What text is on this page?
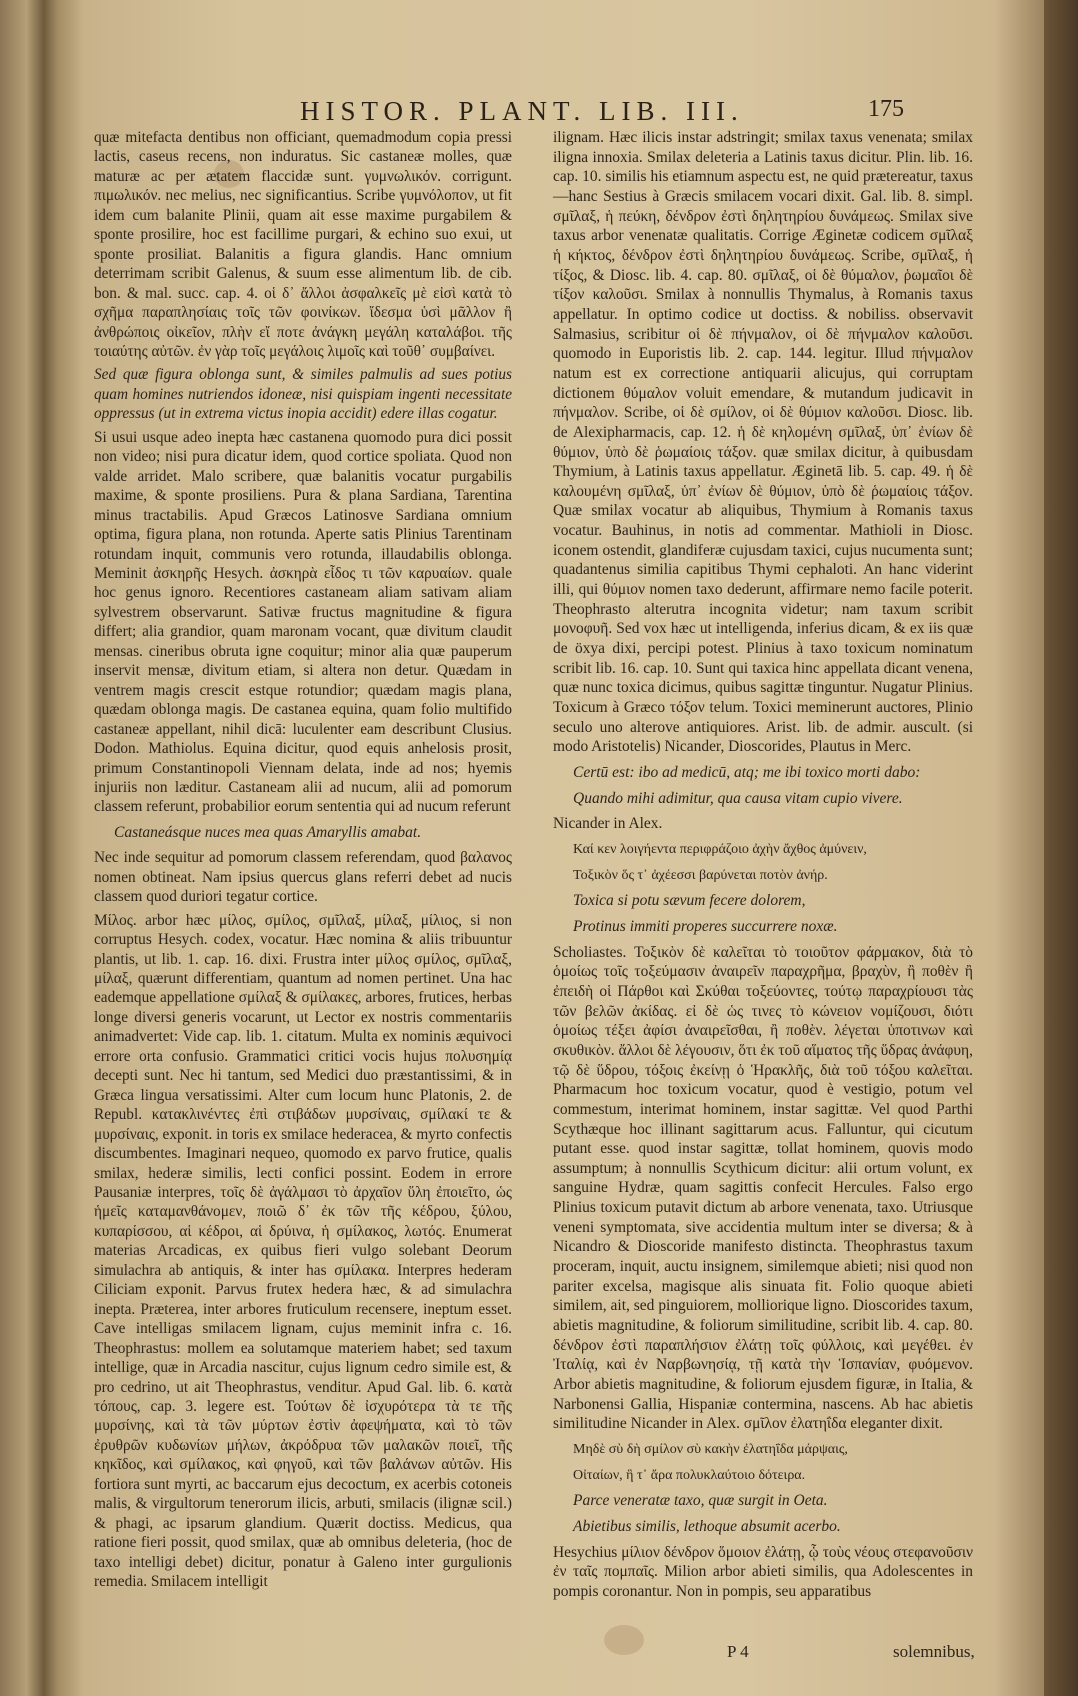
HISTOR. PLANT. LIB. III.	175

quæ mitefacta dentibus non officiant, quemadmodum copia pressi lactis, caseus recens, non induratus. Sic castaneæ molles, quæ maturæ ac per ætatem flaccidæ sunt. γυμνωλικόν. corrigunt. πιμωλικόν. nec melius, nec significantius. Scribe γυμνόλοπον, ut fit idem cum balanite Plinii, quam ait esse maxime purgabilem & sponte prosilire, hoc est facillime purgari, & echino suo exui, ut sponte prosiliat. Balanitis a figura glandis. Hanc omnium deterrimam scribit Galenus, & suum esse alimentum lib. de cib. bon. & mal. succ. cap. 4. οἱ δ᾽ ἄλλοι ἀσφαλκεῖς μὲ εἰσὶ κατὰ τὸ σχῆμα παραπλησίαις τοῖς τῶν φοινίκων. ἴδεσμα ὑσὶ μᾶλλον ἢ ἀνθρώποις οἰκεῖον, πλὴν εἴ ποτε ἀνάγκη μεγάλη καταλάβοι. τῆς τοιαύτης αὐτῶν. ἐν γὰρ τοῖς μεγάλοις λιμοῖς καὶ τοῦθ᾽ συμβαίνει.

Sed quæ figura oblonga sunt, & similes palmulis ad sues potius quam homines nutriendos idoneæ, nisi quispiam ingenti necessitate oppressus (ut in extrema victus inopia accidit) edere illas cogatur.

Si usui usque adeo inepta hæc castanena quomodo pura dici possit non video; nisi pura dicatur idem, quod cortice spoliata. Quod non valde arridet. Malo scribere, quæ balanitis vocatur purgabilis maxime, & sponte prosiliens. Pura & plana Sardiana, Tarentina minus tractabilis. Apud Græcos Latinosve Sardiana omnium optima, figura plana, non rotunda. Aperte satis Plinius Tarentinam rotundam inquit, communis vero rotunda, illaudabilis oblonga. Meminit ἀσκηρῆς Hesych. ἀσκηρὰ εἶδος τι τῶν καρυαίων. quale hoc genus ignoro. Recentiores castaneam aliam sativam aliam sylvestrem observarunt. Sativæ fructus magnitudine & figura differt; alia grandior, quam maronam vocant, quæ divitum claudit mensas. cineribus obruta igne coquitur; minor alia quæ pauperum inservit mensæ, divitum etiam, si altera non detur. Quædam in ventrem magis crescit estque rotundior; quædam magis plana, quædam oblonga magis. De castanea equina, quam folio multifido castaneæ appellant, nihil dicā: luculenter eam describunt Clusius. Dodon. Mathiolus. Equina dicitur, quod equis anhelosis prosit, primum Constantinopoli Viennam delata, inde ad nos; hyemis injuriis non læditur. Castaneam alii ad nucum, alii ad pomorum classem referunt, probabilior eorum sententia qui ad nucum referunt

Castaneásque nuces mea quas Amaryllis amabat.

Nec inde sequitur ad pomorum classem referendam, quod βαλανος nomen obtineat. Nam ipsius quercus glans referri debet ad nucis classem quod duriori tegatur cortice.

Μίλος. arbor hæc μίλος, σμίλος, σμῖλαξ, μίλαξ, μίλιος, si non corruptus Hesych. codex, vocatur. Hæc nomina & aliis tribuuntur plantis, ut lib. 1. cap. 16. dixi. Frustra inter μίλος σμίλος, σμῖλαξ, μίλαξ, quærunt differentiam, quantum ad nomen pertinet. Una hac eademque appellatione σμίλαξ & σμίλακες, arbores, frutices, herbas longe diversi generis vocarunt, ut Lector ex nostris commentariis animadvertet: Vide cap. lib. 1. citatum. Multa ex nominis æquivoci errore orta confusio. Grammatici critici vocis hujus πολυσημίᾳ decepti sunt. Nec hi tantum, sed Medici duo præstantissimi, & in Græca lingua versatissimi. Alter cum locum hunc Platonis, 2. de Republ. κατακλινέντες ἐπὶ στιβάδων μυρσίναις, σμίλακί τε & μυρσίναις, exponit. in toris ex smilace hederacea, & myrto confectis discumbentes. Imaginari nequeo, quomodo ex parvo frutice, qualis smilax, hederæ similis, lecti confici possint. Eodem in errore Pausaniæ interpres, τοῖς δὲ ἀγάλμασι τὸ ἀρχαῖον ὕλη ἐποιεῖτο, ὡς ἡμεῖς καταμανθάνομεν, ποιῶ δ᾽ ἐκ τῶν τῆς κέδρου, ξύλου, κυπαρίσσου, αἱ κέδροι, αἱ δρύινα, ἡ σμίλακος, λωτός. Enumerat materias Arcadicas, ex quibus fieri vulgo solebant Deorum simulachra ab antiquis, & inter has σμίλακα. Interpres hederam Ciliciam exponit. Parvus frutex hedera hæc, & ad simulachra inepta. Præterea, inter arbores fruticulum recensere, ineptum esset. Cave intelligas smilacem lignam, cujus meminit infra c. 16. Theophrastus: mollem ea solutamque materiem habet; sed taxum intellige, quæ in Arcadia nascitur, cujus lignum cedro simile est, & pro cedrino, ut ait Theophrastus, venditur. Apud Gal. lib. 6. κατὰ τόπους, cap. 3. legere est. Τούτων δὲ ἰσχυρότερα τὰ τε τῆς μυρσίνης, καὶ τὰ τῶν μύρτων ἐστὶν ἀφεψήματα, καὶ τὸ τῶν ἐρυθρῶν κυδωνίων μήλων, ἀκρόδρυα τῶν μαλακῶν ποιεῖ, τῆς κηκῖδος, καὶ σμίλακος, καὶ φηγοῦ, καὶ τῶν βαλάνων αὐτῶν. His fortiora sunt myrti, ac baccarum ejus decoctum, ex acerbis cotoneis malis, & virgultorum tenerorum ilicis, arbuti, smilacis (ilignæ scil.) & phagi, ac ipsarum glandium. Quærit doctiss. Medicus, qua ratione fieri possit, quod smilax, quæ ab omnibus deleteria, (hoc de taxo intelligi debet) dicitur, ponatur à Galeno inter gurgulionis remedia. Smilacem intelligit

ilignam. Hæc ilicis instar adstringit; smilax taxus venenata; smilax iligna innoxia. Smilax deleteria a Latinis taxus dicitur. Plin. lib. 16. cap. 10. similis his etiamnum aspectu est, ne quid prætereatur, taxus—hanc Sestius à Græcis smilacem vocari dixit. Gal. lib. 8. simpl. σμῖλαξ, ἡ πεύκη, δένδρον ἐστὶ δηλητηρίου δυνάμεως. Smilax sive taxus arbor venenatæ qualitatis. Corrige Æginetæ codicem σμῖλαξ ἡ κήκτος, δένδρον ἐστὶ δηλητηρίου δυνάμεως. Scribe, σμῖλαξ, ἡ τίξος, & Diosc. lib. 4. cap. 80. σμῖλαξ, οἱ δὲ θύμαλον, ῥωμαῖοι δὲ τίξον καλοῦσι. Smilax à nonnullis Thymalus, à Romanis taxus appellatur. In optimo codice ut doctiss. & nobiliss. observavit Salmasius, scribitur οἱ δὲ πήνμαλον, οἱ δὲ πήνμαλον καλοῦσι. quomodo in Euporistis lib. 2. cap. 144. legitur. Illud πήνμαλον natum est ex correctione antiquarii alicujus, qui corruptam dictionem θύμαλον voluit emendare, & mutandum judicavit in πήνμαλον. Scribe, οἱ δὲ σμίλον, οἱ δὲ θύμιον καλοῦσι. Diosc. lib. de Alexipharmacis, cap. 12. ἡ δὲ κηλομένη σμῖλαξ, ὑπ᾽ ἐνίων δὲ θύμιον, ὑπὸ δὲ ῥωμαίοις τάξον. quæ smilax dicitur, à quibusdam Thymium, à Latinis taxus appellatur. Æginetā lib. 5. cap. 49. ἡ δὲ καλουμένη σμῖλαξ, ὑπ᾽ ἐνίων δὲ θύμιον, ὑπὸ δὲ ῥωμαίοις τάξον. Quæ smilax vocatur ab aliquibus, Thymium à Romanis taxus vocatur. Bauhinus, in notis ad commentar. Mathioli in Diosc. iconem ostendit, glandiferæ cujusdam taxici, cujus nucumenta sunt; quadantenus similia capitibus Thymi cephaloti. An hanc viderint illi, qui θύμιον nomen taxo dederunt, affirmare nemo facile poterit. Theophrasto alterutra incognita videtur; nam taxum scribit μονοφυῆ. Sed vox hæc ut intelligenda, inferius dicam, & ex iis quæ de öxya dixi, percipi potest. Plinius à taxo toxicum nominatum scribit lib. 16. cap. 10. Sunt qui taxica hinc appellata dicant venena, quæ nunc toxica dicimus, quibus sagittæ tinguntur. Nugatur Plinius. Toxicum à Græco τόξον telum. Toxici meminerunt auctores, Plinio seculo uno alterove antiquiores. Arist. lib. de admir. auscult. (si modo Aristotelis) Nicander, Dioscorides, Plautus in Merc.

Certū est: ibo ad medicū, atq; me ibi toxico morti dabo:

Quando mihi adimitur, qua causa vitam cupio vivere.

Nicander in Alex.

Καί κεν λοιγήεντα περιφράζοιο ἀχὴν ἄχθος ἀμύνειν,

Τοξικὸν ὅς τ᾽ ἀχέεσσι βαρύνεται ποτὸν ἀνήρ.

Toxica si potu sævum fecere dolorem,

Protinus immiti properes succurrere noxæ.

Scholiastes. Τοξικὸν δὲ καλεῖται τὸ τοιοῦτον φάρμακον, διὰ τὸ ὁμοίως τοῖς τοξεύμασιν ἀναιρεῖν παραχρῆμα, βραχὺν, ἢ ποθὲν ἢ ἐπειδὴ οἱ Πάρθοι καὶ Σκύθαι τοξεύοντες, τούτῳ παραχρίουσι τὰς τῶν βελῶν ἀκίδας. εἰ δὲ ὡς τινες τὸ κώνειον νομίζουσι, διότι ὁμοίως τέξει ἀφίσι ἀναιρεῖσθαι, ἢ ποθὲν. λέγεται ὑποτινων καὶ σκυθικὸν. ἄλλοι δὲ λέγουσιν, ὅτι ἐκ τοῦ αἵματος τῆς ὕδρας ἀνάφυη, τῷ δὲ ὕδρου, τόξοις ἐκείνῃ ὁ Ἡρακλῆς, διὰ τοῦ τόξου καλεῖται. Pharmacum hoc toxicum vocatur, quod è vestigio, potum vel commestum, interimat hominem, instar sagittæ. Vel quod Parthi Scythæque hoc illinant sagittarum acus. Falluntur, qui cicutum putant esse. quod instar sagittæ, tollat hominem, quovis modo assumptum; à nonnullis Scythicum dicitur: alii ortum volunt, ex sanguine Hydræ, quam sagittis confecit Hercules. Falso ergo Plinius toxicum putavit dictum ab arbore venenata, taxo. Utriusque veneni symptomata, sive accidentia multum inter se diversa; & à Nicandro & Dioscoride manifesto distincta. Theophrastus taxum proceram, inquit, auctu insignem, similemque abieti; nisi quod non pariter excelsa, magisque alis sinuata fit. Folio quoque abieti similem, ait, sed pinguiorem, molliorique ligno. Dioscorides taxum, abietis magnitudine, & foliorum similitudine, scribit lib. 4. cap. 80. δένδρον ἐστὶ παραπλήσιον ἐλάτῃ τοῖς φύλλοις, καὶ μεγέθει. ἐν Ἰταλίᾳ, καὶ ἐν Ναρβωνησίᾳ, τῇ κατὰ τὴν Ἱσπανίαν, φυόμενον. Arbor abietis magnitudine, & foliorum ejusdem figuræ, in Italia, & Narbonensi Gallia, Hispaniæ contermina, nascens. Ab hac abietis similitudine Nicander in Alex. σμῖλον ἐλατηΐδα eleganter dixit.

Μηδὲ σὺ δὴ σμίλον σὺ κακὴν ἐλατηΐδα μάρψαις,

Οἰταίων, ἣ τ᾽ ἄρα πολυκλαύτοιο δότειρα.

Parce veneratæ taxo, quæ surgit in Oeta.

Abietibus similis, lethoque absumit acerbo.

Hesychius μίλιον δένδρον ὅμοιον ἐλάτῃ, ᾧ τοὺς νέους στεφανοῦσιν ἐν ταῖς πομπαῖς. Milion arbor abieti similis, qua Adolescentes in pompis coronantur. Non in pompis, seu apparatibus

P 4	solemnibus,
